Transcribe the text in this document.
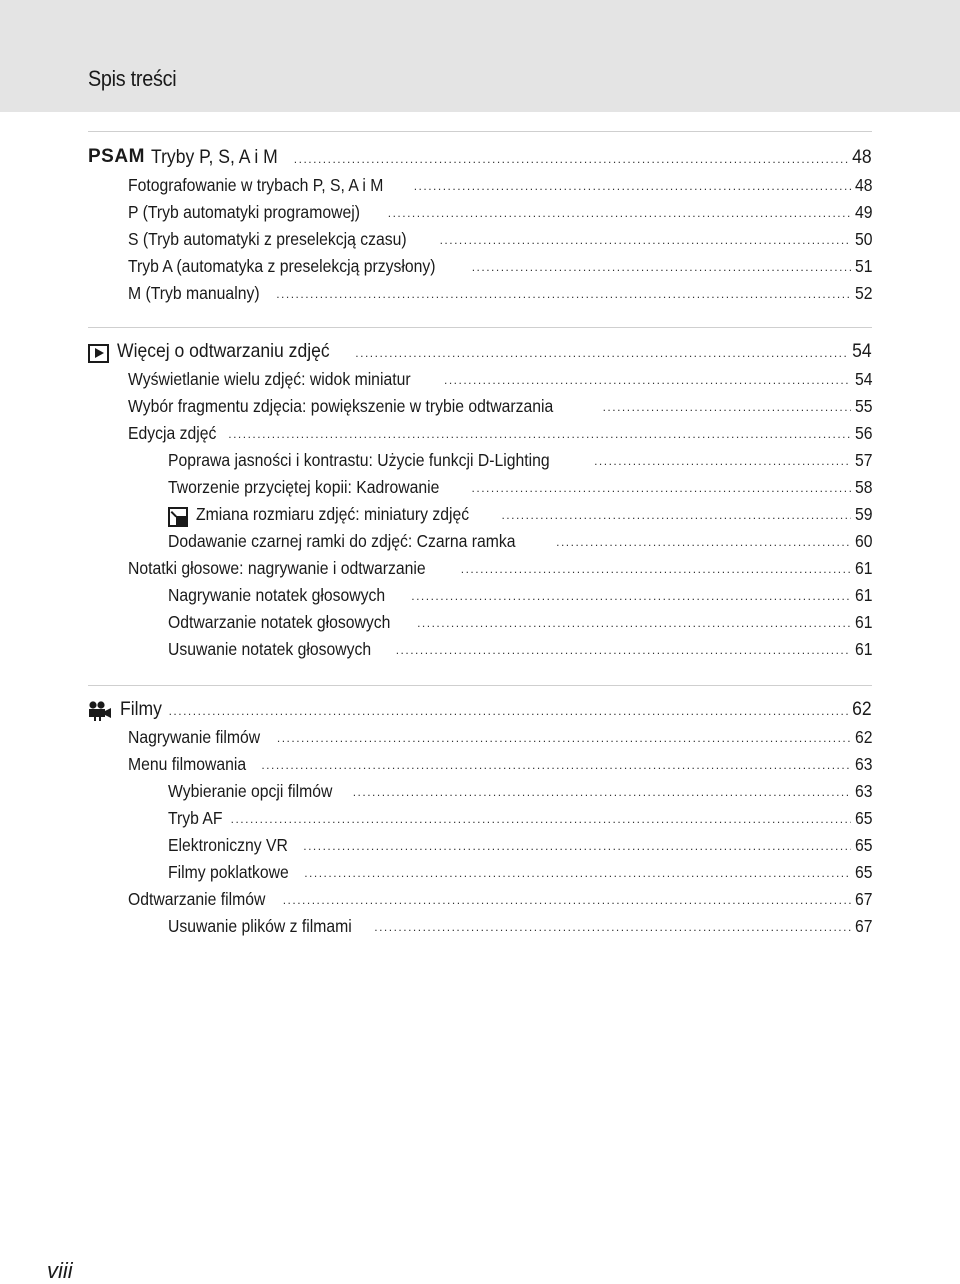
Spis treści
PSAM Tryby P, S, A i M .....	48
Fotografowanie w trybach P, S, A i M .....	48
P (Tryb automatyki programowej) .....	49
S (Tryb automatyki z preselekcją czasu) .....	50
Tryb A (automatyka z preselekcją przysłony) .....	51
M (Tryb manualny) .....	52
Więcej o odtwarzaniu zdjęć .....	54
Wyświetlanie wielu zdjęć: widok miniatur .....	54
Wybór fragmentu zdjęcia: powiększenie w trybie odtwarzania .....	55
Edycja zdjęć .....	56
Poprawa jasności i kontrastu: Użycie funkcji D-Lighting .....	57
Tworzenie przyciętej kopii: Kadrowanie .....	58
Zmiana rozmiaru zdjęć: miniatury zdjęć .....	59
Dodawanie czarnej ramki do zdjęć: Czarna ramka .....	60
Notatki głosowe: nagrywanie i odtwarzanie .....	61
Nagrywanie notatek głosowych .....	61
Odtwarzanie notatek głosowych .....	61
Usuwanie notatek głosowych .....	61
Filmy .....	62
Nagrywanie filmów .....	62
Menu filmowania .....	63
Wybieranie opcji filmów .....	63
Tryb AF .....	65
Elektroniczny VR .....	65
Filmy poklatkowe .....	65
Odtwarzanie filmów .....	67
Usuwanie plików z filmami .....	67
viii
